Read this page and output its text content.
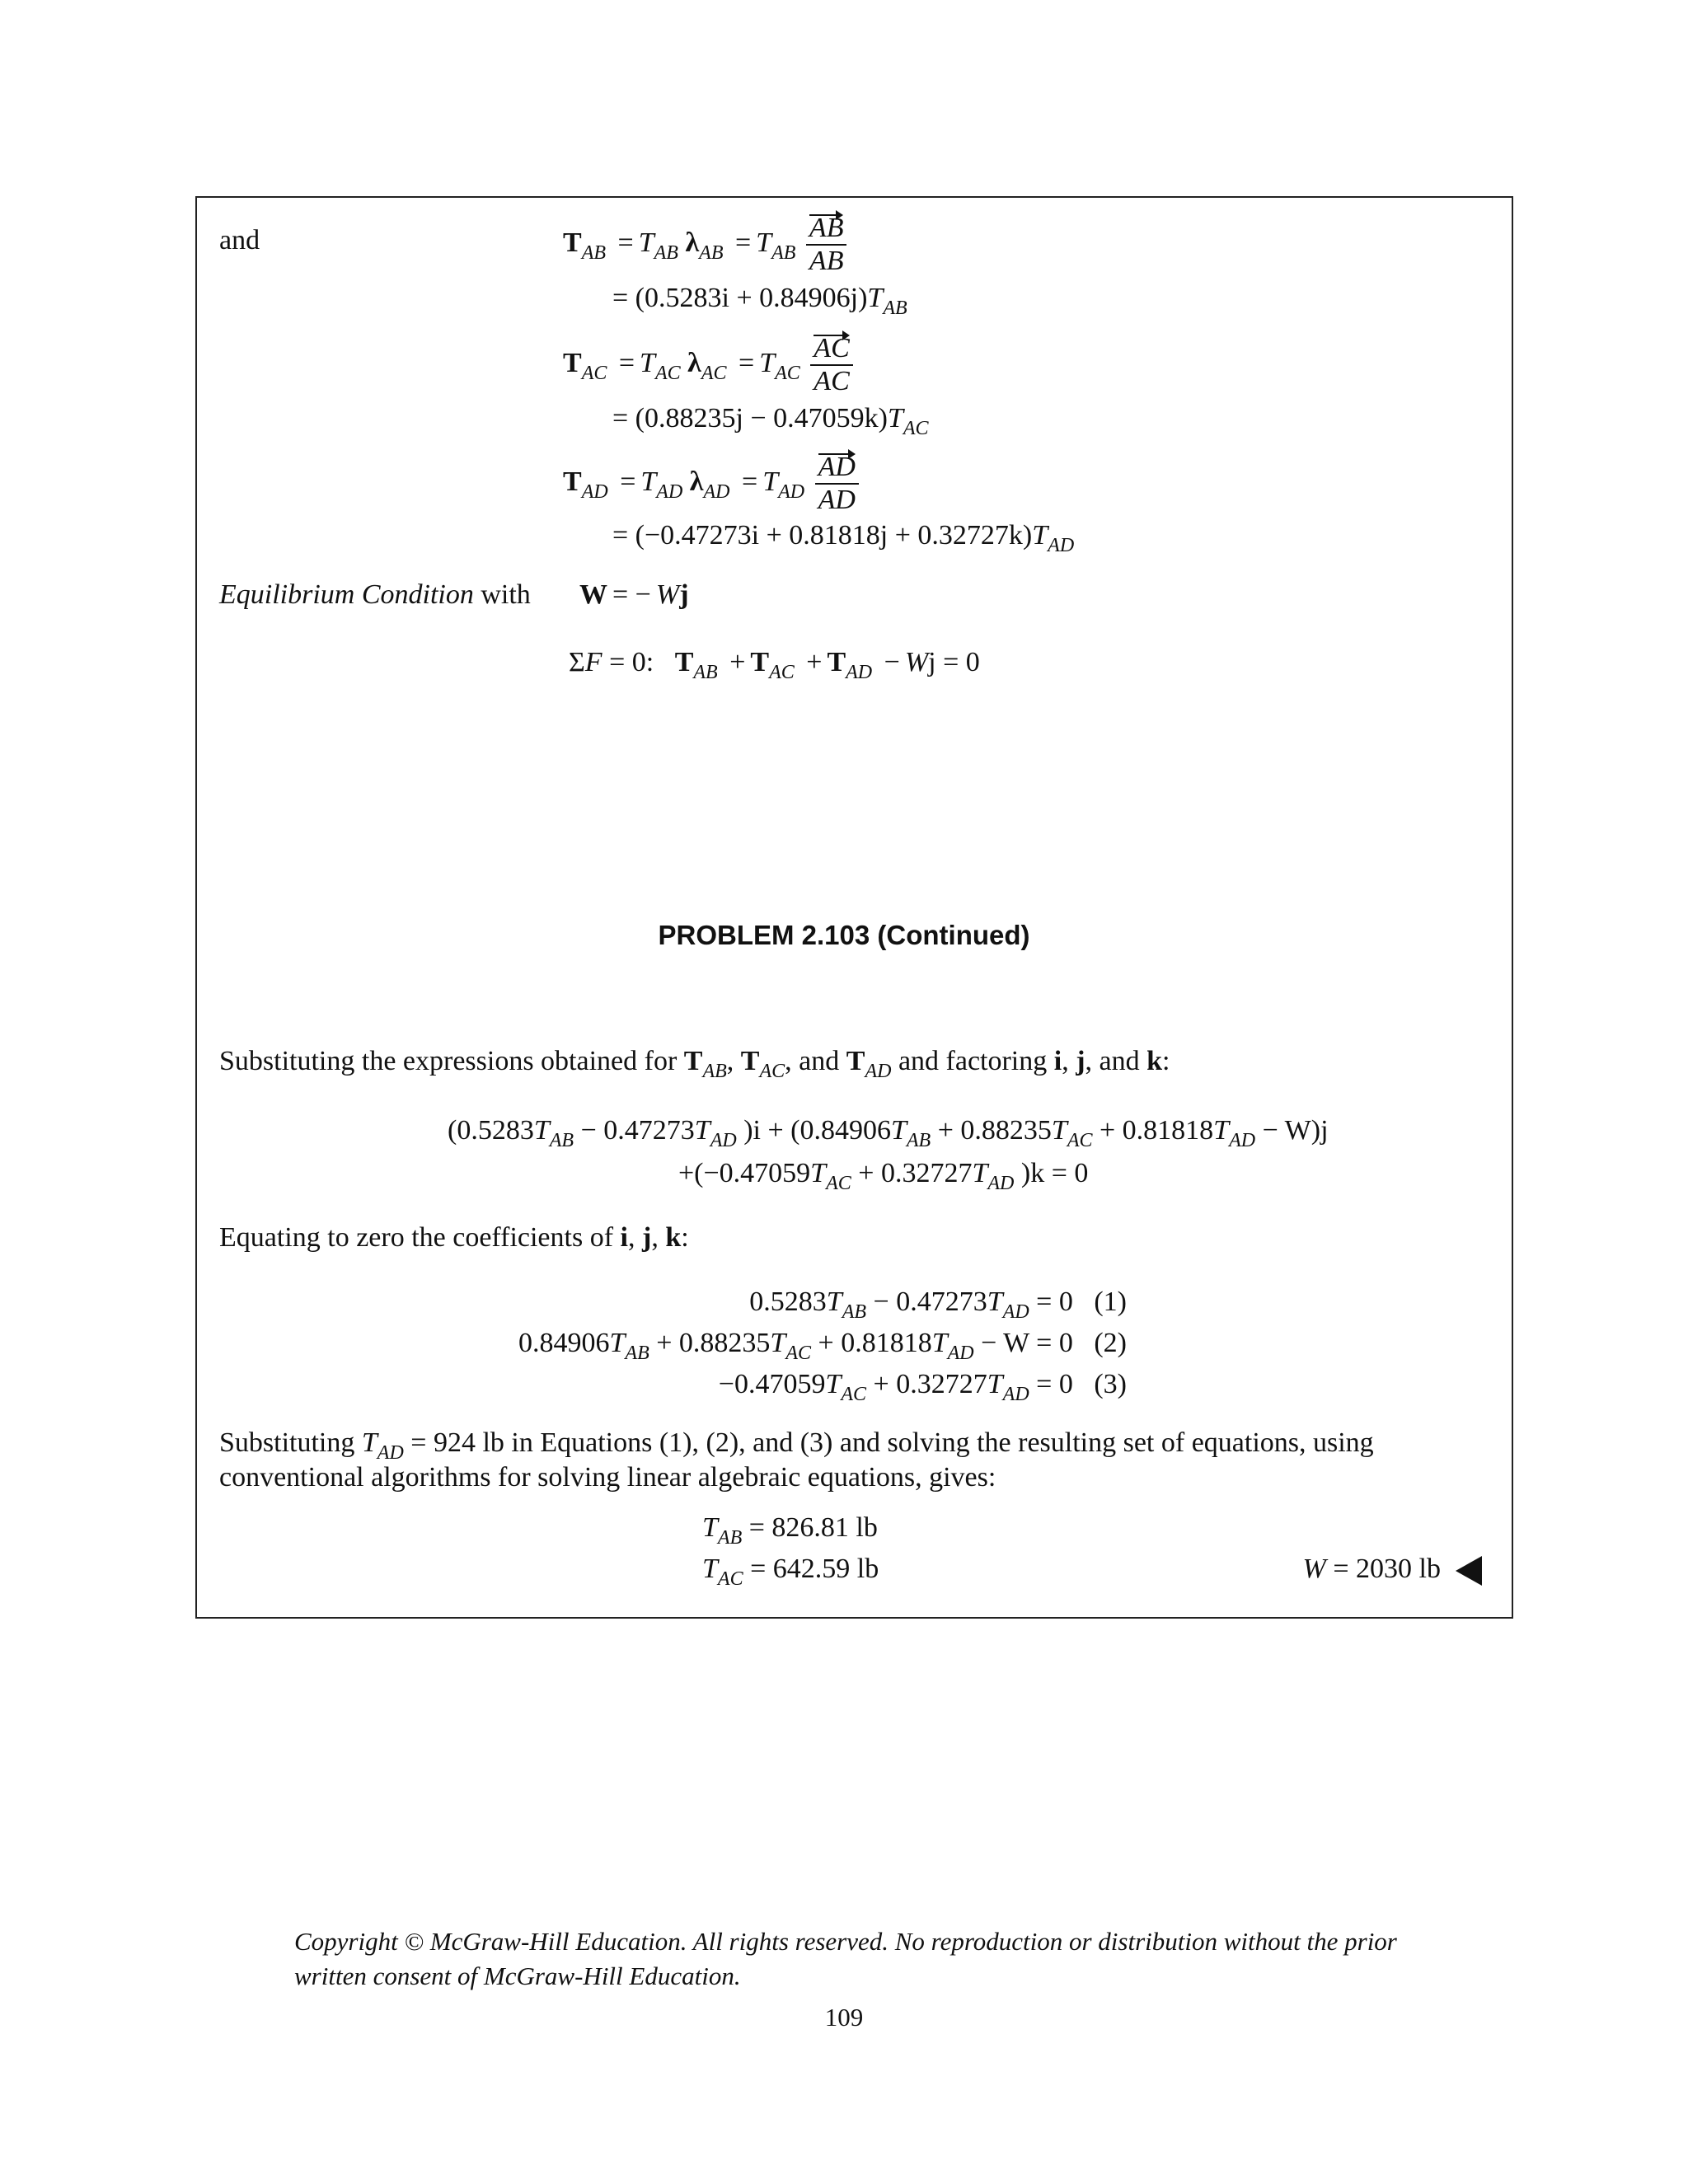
and	$T_{AB} = T_{AB}$ $\lambda_{AB} = T_{AB} \frac{AB}{AB}$
= $(0.5283i + 0.84906j)T_{AB}$
$T_{AC} = T_{AC}$ $\lambda_{AC} = T_{AC} \frac{AC}{AC}$
= $(0.88235j - 0.47059k)T_{AC}$
$T_{AD} = T_{AD}$ $\lambda_{AD} = T_{AD} \frac{AD}{AD}$
= $(-0.47273i + 0.81818j + 0.32727k)T_{AD}$
Equilibrium Condition with W = − Wj
ΣF = 0: $T_{AB} + T_{AC} + T_{AD} - Wj = 0$
PROBLEM 2.103 (Continued)
Substituting the expressions obtained for $T_{AB}$, $T_{AC}$, and $T_{AD}$ and factoring i, j, and k:
($0.5283T_{AB} - 0.47273T_{AD}$ )$i + (0.84906T_{AB} + 0.88235T_{AC} + 0.81818T_{AD} - W)j$
$+(-0.47059T_{AC} + 0.32727T_{AD}$ )k = 0
Equating to zero the coefficients of i, j, k:
$0.5283T_{AB} - 0.47273T_{AD} = 0$ (1)
$0.84906T_{AB} + 0.88235T_{AC} + 0.81818T_{AD} - W = 0$ (2)
$-0.47059T_{AC} + 0.32727T_{AD} = 0$ (3)
Substituting $T_{AD} = 924$ lb in Equations (1), (2), and (3) and solving the resulting set of equations, using
conventional algorithms for solving linear algebraic equations, gives:
$T_{AB} = 826.81$ lb
$T_{AC} = 642.59$ lb	W = 2030 lb
Copyright © McGraw-Hill Education. All rights reserved. No reproduction or distribution without the prior
written consent of McGraw-Hill Education.
109
